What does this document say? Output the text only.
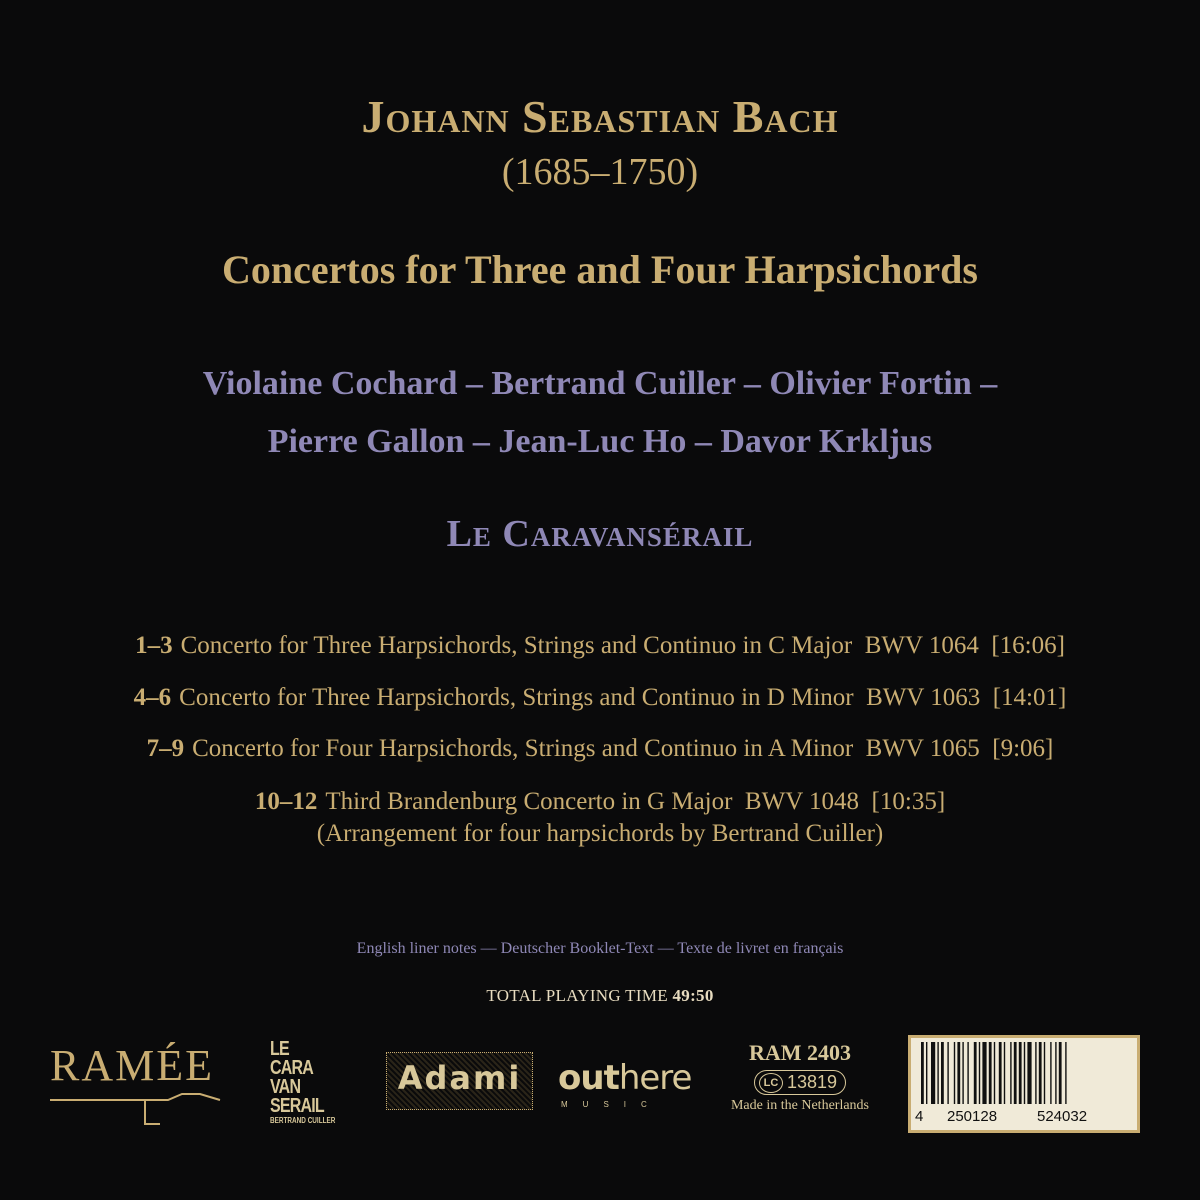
Johann Sebastian Bach
(1685–1750)
Concertos for Three and Four Harpsichords
Violaine Cochard – Bertrand Cuiller – Olivier Fortin –
Pierre Gallon – Jean-Luc Ho – Davor Krkljus
Le Caravansérail
1–3 Concerto for Three Harpsichords, Strings and Continuo in C Major  BWV 1064  [16:06]
4–6 Concerto for Three Harpsichords, Strings and Continuo in D Minor  BWV 1063  [14:01]
7–9 Concerto for Four Harpsichords, Strings and Continuo in A Minor  BWV 1065  [9:06]
10–12 Third Brandenburg Concerto in G Major  BWV 1048  [10:35]
(Arrangement for four harpsichords by Bertrand Cuiller)
English liner notes — Deutscher Booklet-Text — Texte de livret en français
TOTAL PLAYING TIME 49:50
RAMÉE	LE
CARA
VAN
SERAIL
BERTRAND CUILLER
Adami	outhere
MUSIC
RAM 2403
LC 13819
Made in the Netherlands
4 250128	524032
